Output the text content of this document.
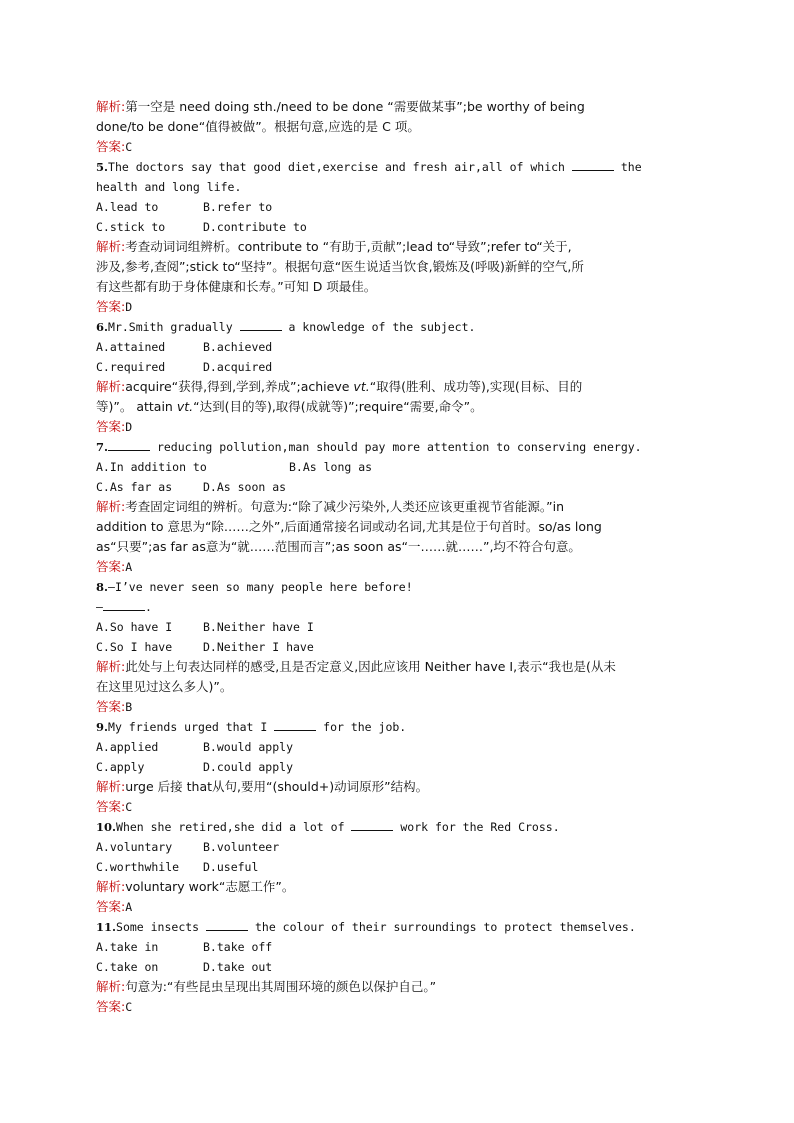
解析:第一空是 need doing sth./need to be done “需要做某事”;be worthy of being
done/to be done“值得被做”。根据句意,应选的是 C 项。
答案:C
5.The doctors say that good diet,exercise and fresh air,all of which	the
health and long life.
A.lead to	B.refer to
C.stick to	D.contribute to
解析:考查动词词组辨析。contribute to “有助于,贡献”;lead to“导致”;refer to“关于,
涉及,参考,查阅”;stick to“坚持”。根据句意“医生说适当饮食,锻炼及(呼吸)新鲜的空气,所
有这些都有助于身体健康和长寿。”可知 D 项最佳。
答案:D
6.Mr.Smith gradually	a knowledge of the subject.
A.attained	B.achieved
C.required	D.acquired
解析:acquire“获得,得到,学到,养成”;achieve vt.“取得(胜利、成功等),实现(目标、目的
等)”。 attain vt.“达到(目的等),取得(成就等)”;require“需要,命令”。
答案:D
7.	reducing pollution,man should pay more attention to conserving energy.
A.In addition to	B.As long as
C.As far as	D.As soon as
解析:考查固定词组的辨析。句意为:“除了减少污染外,人类还应该更重视节省能源。”in
addition to 意思为“除……之外”,后面通常接名词或动名词,尤其是位于句首时。so/as long
as“只要”;as far as意为“就……范围而言”;as soon as“一……就……”,均不符合句意。
答案:A
8.—I’ve never seen so many people here before!
—	.
A.So have I	B.Neither have I
C.So I have	D.Neither I have
解析:此处与上句表达同样的感受,且是否定意义,因此应该用 Neither have I,表示“我也是(从未
在这里见过这么多人)”。
答案:B
9.My friends urged that I	for the job.
A.applied	B.would apply
C.apply	D.could apply
解析:urge 后接 that从句,要用“(should+)动词原形”结构。
答案:C
10.When she retired,she did a lot of	work for the Red Cross.
A.voluntary	B.volunteer
C.worthwhile D.useful
解析:voluntary work“志愿工作”。
答案:A
11.Some insects	the colour of their surroundings to protect themselves.
A.take in	B.take off
C.take on	D.take out
解析:句意为:“有些昆虫呈现出其周围环境的颜色以保护自己。”
答案:C
